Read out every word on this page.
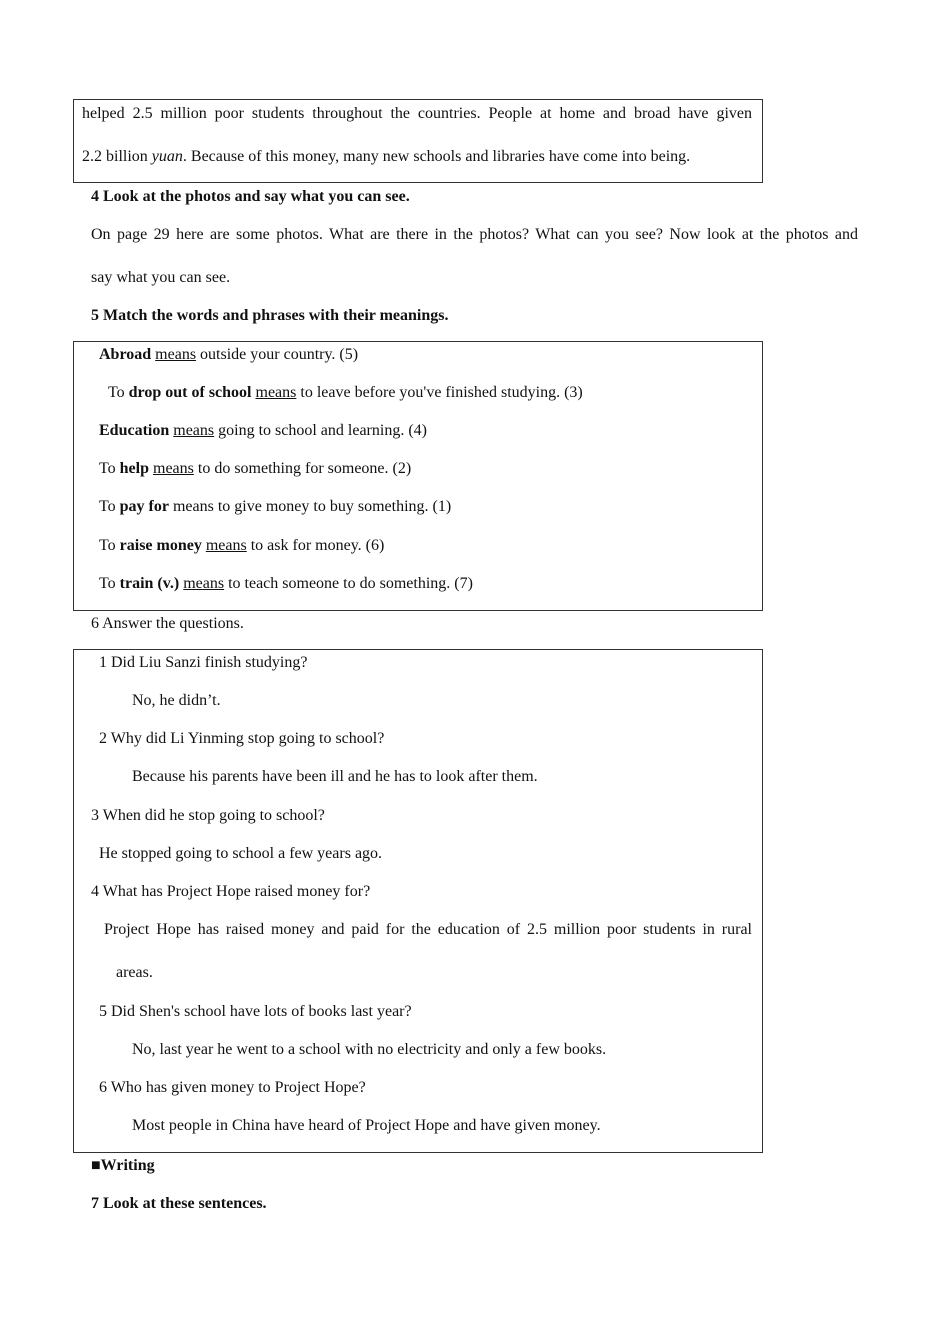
helped 2.5 million poor students throughout the countries. People at home and broad have given
2.2 billion yuan. Because of this money, many new schools and libraries have come into being.
4 Look at the photos and say what you can see.
On page 29 here are some photos. What are there in the photos? What can you see? Now look at the photos and
say what you can see.
5 Match the words and phrases with their meanings.
Abroad means outside your country. (5)
To drop out of school means to leave before you've finished studying. (3)
Education means going to school and learning. (4)
To help means to do something for someone. (2)
To pay for means to give money to buy something. (1)
To raise money means to ask for money. (6)
To train (v.) means to teach someone to do something. (7)
6 Answer the questions.
1 Did Liu Sanzi finish studying?
No, he didn’t.
2 Why did Li Yinming stop going to school?
Because his parents have been ill and he has to look after them.
3 When did he stop going to school?
He stopped going to school a few years ago.
4 What has Project Hope raised money for?
Project Hope has raised money and paid for the education of 2.5 million poor students in rural
areas.
5 Did Shen's school have lots of books last year?
No, last year he went to a school with no electricity and only a few books.
6 Who has given money to Project Hope?
Most people in China have heard of Project Hope and have given money.
■Writing
7 Look at these sentences.
